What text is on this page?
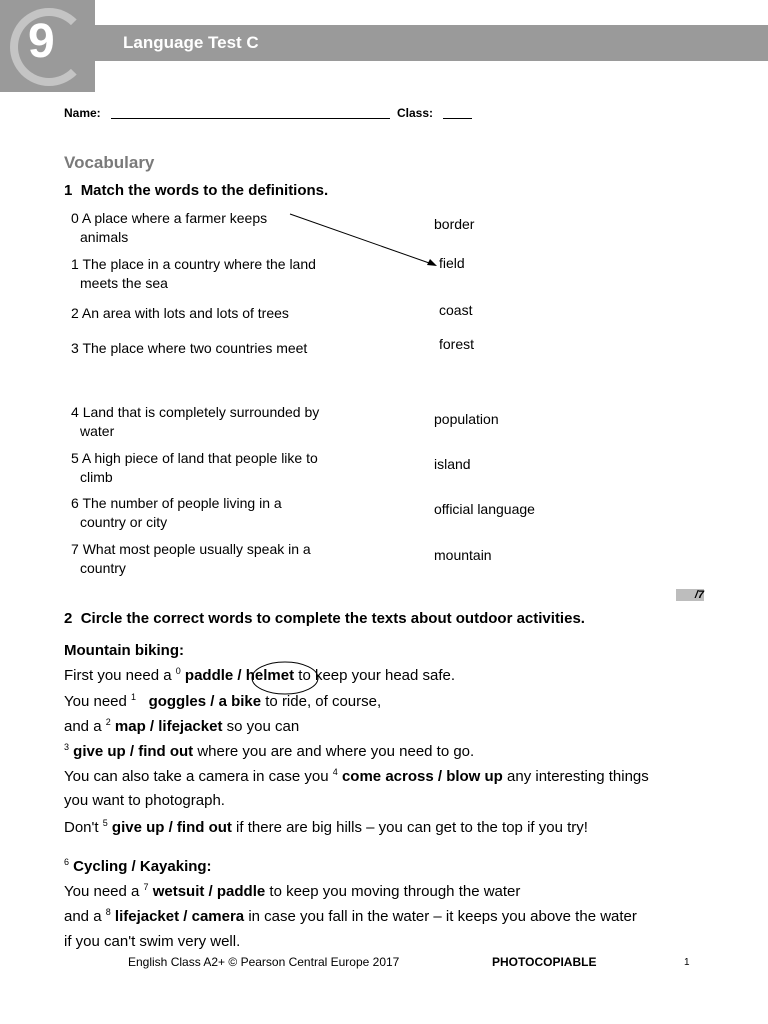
9	Language Test C
Name:	Class:
Vocabulary
1 Match the words to the definitions.
0 A place where a farmer keeps
animals
1 The place in a country where the land
meets the sea
2 An area with lots and lots of trees
3 The place where two countries meet
4 Land that is completely surrounded by
water
5 A high piece of land that people like to
climb
6 The number of people living in a
country or city
7 What most people usually speak in a
country
border
field
coast
forest
population
island
official language
mountain
/7
2 Circle the correct words to complete the texts about outdoor activities.
Mountain biking:
First you need a $^0$ paddle / helmet to keep your head safe.
You need $^1$ goggles / a bike to ride, of course,
and a $^2$ map / lifejacket so you can
$^3$ give up / find out where you are and where you need to go.
You can also take a camera in case you $^4$ come across / blow up any interesting things
you want to photograph.
Don't $^5$ give up / find out if there are big hills – you can get to the top if you try!
$^6$ Cycling / Kayaking:
You need a $^7$ wetsuit / paddle to keep you moving through the water
and a $^8$ lifejacket / camera in case you fall in the water – it keeps you above the water
if you can't swim very well.
English Class A2+ © Pearson Central Europe 2017	PHOTOCOPIABLE	1
